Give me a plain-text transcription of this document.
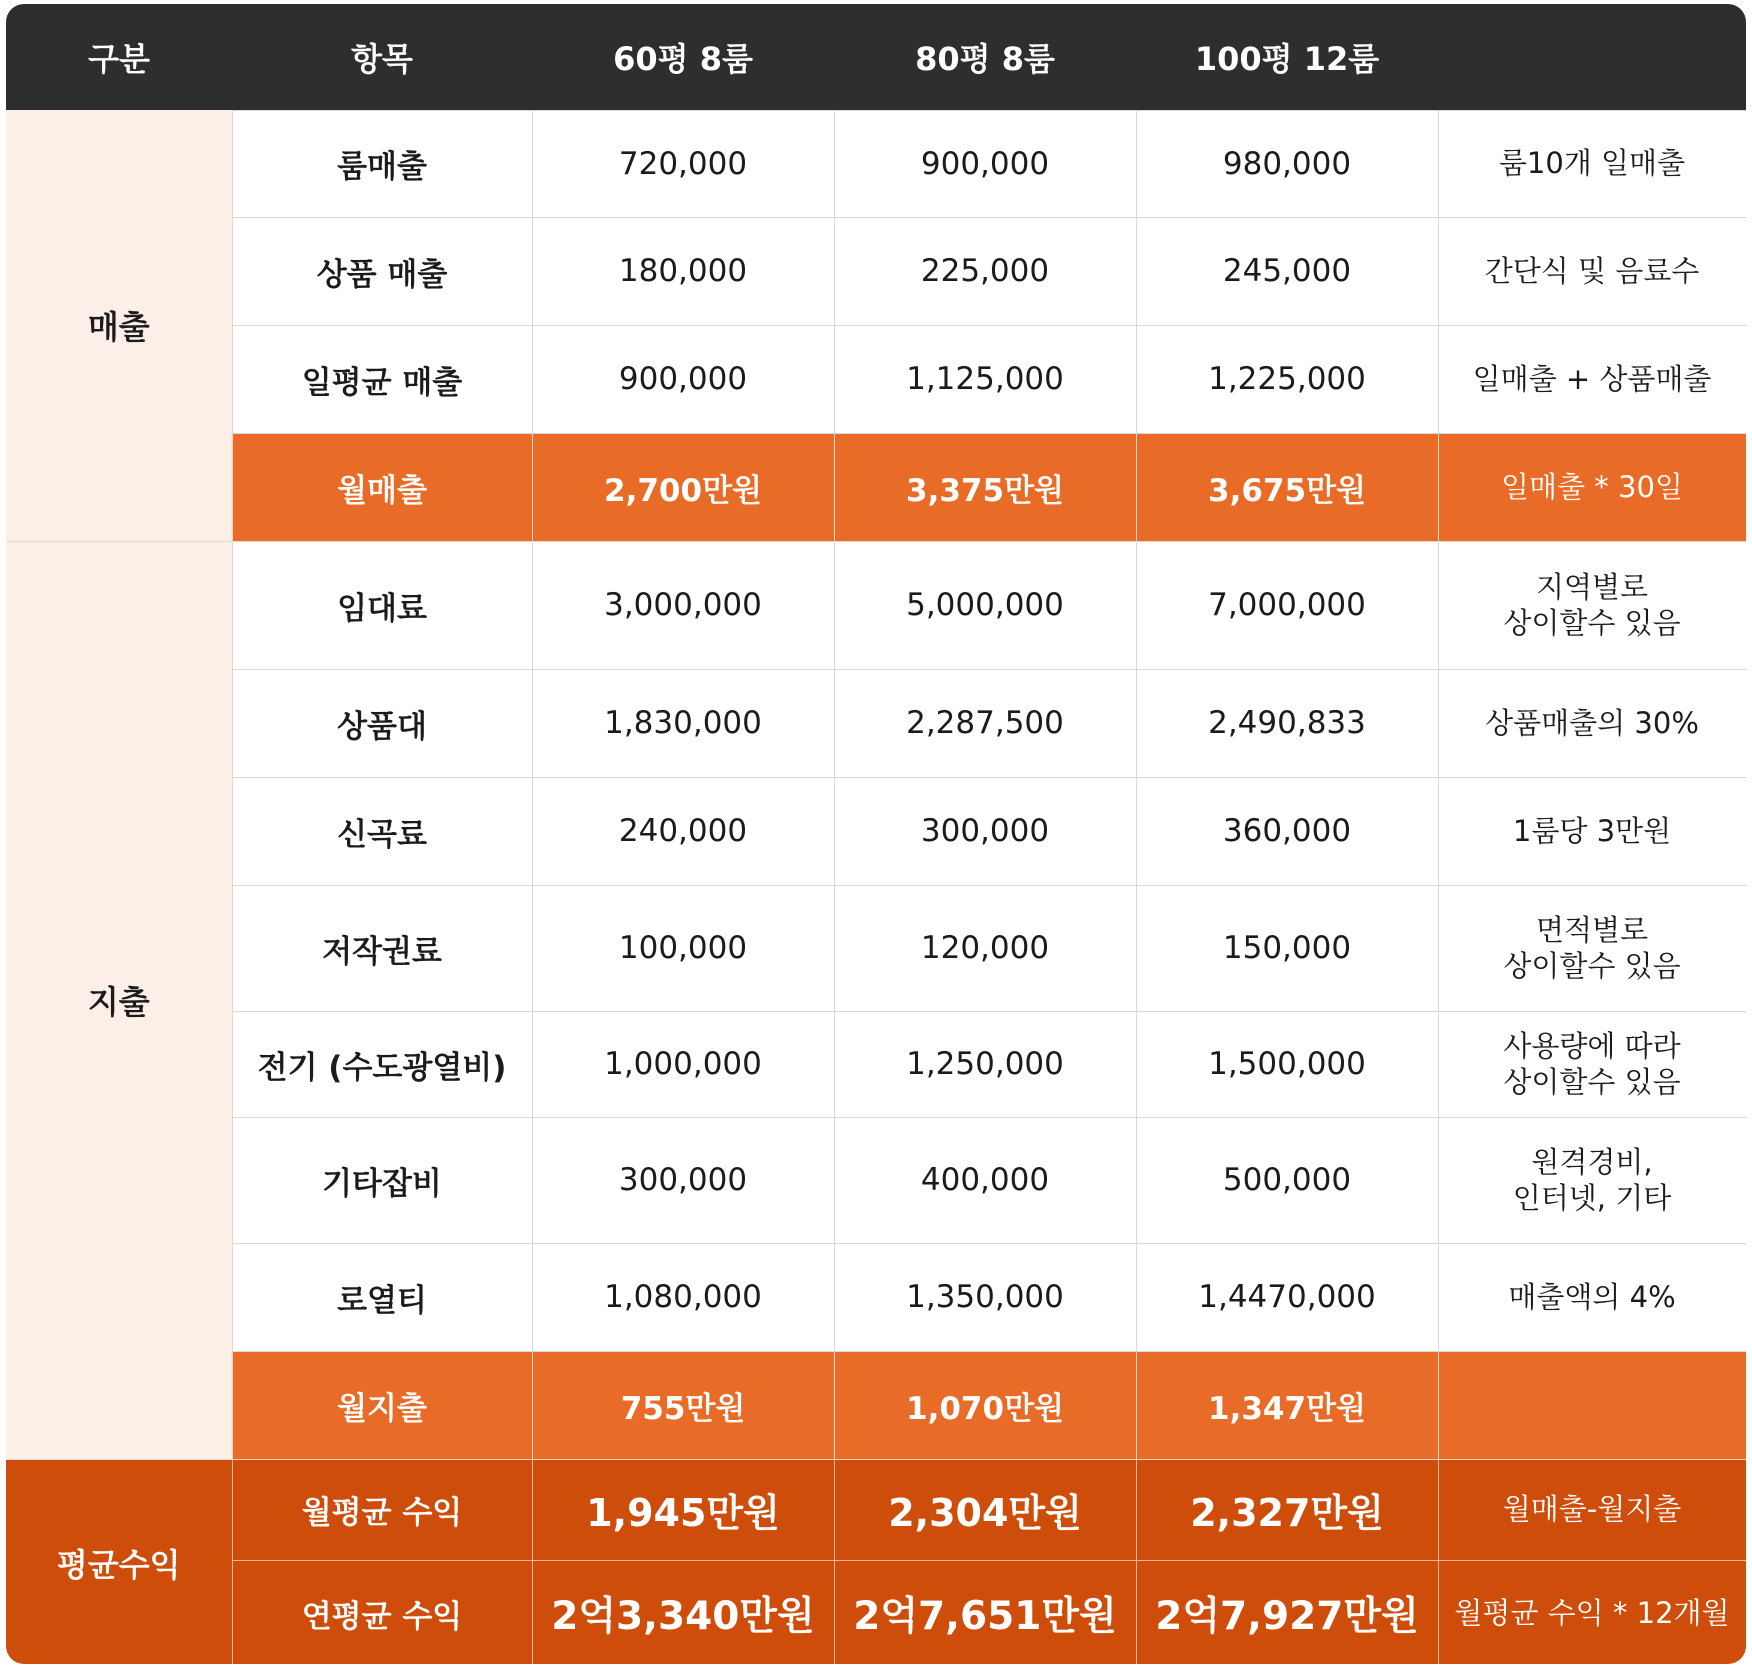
구분	항목	60평 8룸	80평 8룸	100평 12룸	
매출	룸매출	720,000	900,000	980,000	룸10개 일매출
	상품 매출	180,000	225,000	245,000	간단식 및 음료수
	일평균 매출	900,000	1,125,000	1,225,000	일매출 + 상품매출
	월매출	2,700만원	3,375만원	3,675만원	일매출 * 30일
지출	임대료	3,000,000	5,000,000	7,000,000	지역별로
상이할수 있음

	상품대	1,830,000	2,287,500	2,490,833	상품매출의 30%
	신곡료	240,000	300,000	360,000	1룸당 3만원
	저작권료	100,000	120,000	150,000	면적별로
상이할수 있음

	전기 (수도광열비)	1,000,000	1,250,000	1,500,000	사용량에 따라
상이할수 있음

	기타잡비	300,000	400,000	500,000	원격경비,
인터넷, 기타

	로열티	1,080,000	1,350,000	1,4470,000	매출액의 4%
	월지출	755만원	1,070만원	1,347만원	
평균수익	월평균 수익	1,945만원	2,304만원	2,327만원	월매출-월지출
	연평균 수익	2억3,340만원	2억7,651만원	2억7,927만원	월평균 수익 * 12개월
